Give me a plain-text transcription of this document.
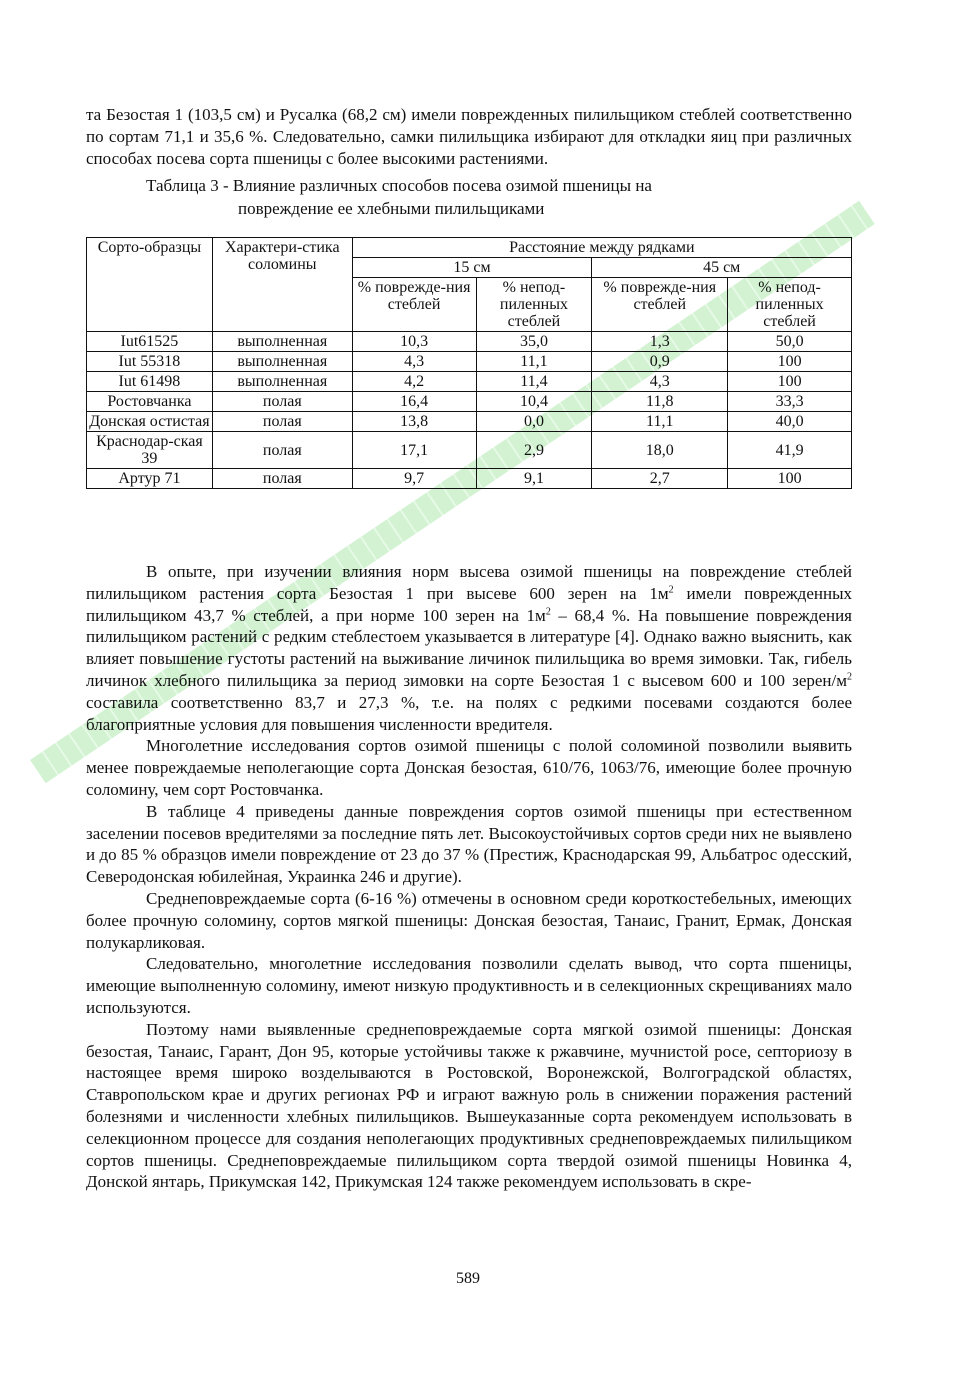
та Безостая 1 (103,5 см) и Русалка (68,2 см) имели поврежденных пилильщиком стеблей соответственно по сортам 71,1 и 35,6 %. Следовательно, самки пилильщика избирают для откладки яиц при различных способах посева сорта пшеницы с более высокими растениями.

Таблица 3 - Влияние различных способов посева озимой пшеницы на
повреждение ее хлебными пилильщиками
Сорто-образцы	Характери-стика соломины	Расстояние между рядками			
		15 см		45 см	
		% поврежде-ния стеблей	% непод-пиленных стеблей	% поврежде-ния стеблей	% непод-пиленных стеблей
Iut61525	выполненная	10,3	35,0	1,3	50,0
Iut 55318	выполненная	4,3	11,1	0,9	100
Iut 61498	выполненная	4,2	11,4	4,3	100
Ростовчанка	полая	16,4	10,4	11,8	33,3
Донская остистая	полая	13,8	0,0	11,1	40,0
Краснодар-ская 39	полая	17,1	2,9	18,0	41,9
Артур 71	полая	9,7	9,1	2,7	100

В опыте, при изучении влияния норм высева озимой пшеницы на повреждение стеблей пилильщиком растения сорта Безостая 1 при высеве 600 зерен на $1м^2$ имели поврежденных пилильщиком 43,7 % стеблей, а при норме 100 зерен на $1м^2 - 68,4$ %. На повышение повреждения пилильщиком растений с редким стеблестоем указывается в литературе [4]. Однако важно выяснить, как влияет повышение густоты растений на выживание личинок пилильщика во время зимовки. Так, гибель личинок хлебного пилильщика за период зимовки на сорте Безостая 1 с высевом 600 и 100 зерен/$м^2$ составила соответственно 83,7 и 27,3 %, т.е. на полях с редкими посевами создаются более благоприятные условия для повышения численности вредителя.

Многолетние исследования сортов озимой пшеницы с полой соломиной позволили выявить менее повреждаемые неполегающие сорта Донская безостая, 610/76, 1063/76, имеющие более прочную соломину, чем сорт Ростовчанка.

В таблице 4 приведены данные повреждения сортов озимой пшеницы при естественном заселении посевов вредителями за последние пять лет. Высокоустойчивых сортов среди них не выявлено и до 85 % образцов имели повреждение от 23 до 37 % (Престиж, Краснодарская 99, Альбатрос одесский, Северодонская юбилейная, Украинка 246 и другие).

Среднеповреждаемые сорта (6-16 %) отмечены в основном среди короткостебельных, имеющих более прочную соломину, сортов мягкой пшеницы: Донская безостая, Танаис, Гранит, Ермак, Донская полукарликовая.

Следовательно, многолетние исследования позволили сделать вывод, что сорта пшеницы, имеющие выполненную соломину, имеют низкую продуктивность и в селекционных скрещиваниях мало используются.

Поэтому нами выявленные среднеповреждаемые сорта мягкой озимой пшеницы: Донская безостая, Танаис, Гарант, Дон 95, которые устойчивы также к ржавчине, мучнистой росе, септориозу в настоящее время широко возделываются в Ростовской, Воронежской, Волгоградской областях, Ставропольском крае и других регионах РФ и играют важную роль в снижении поражения растений болезнями и численности хлебных пилильщиков. Вышеуказанные сорта рекомендуем использовать в селекционном процессе для создания неполегающих продуктивных среднеповреждаемых пилильщиком сортов пшеницы. Среднеповреждаемые пилильщиком сорта твердой озимой пшеницы Новинка 4, Донской янтарь, Прикумская 142, Прикумская 124 также рекомендуем использовать в скре-

589
